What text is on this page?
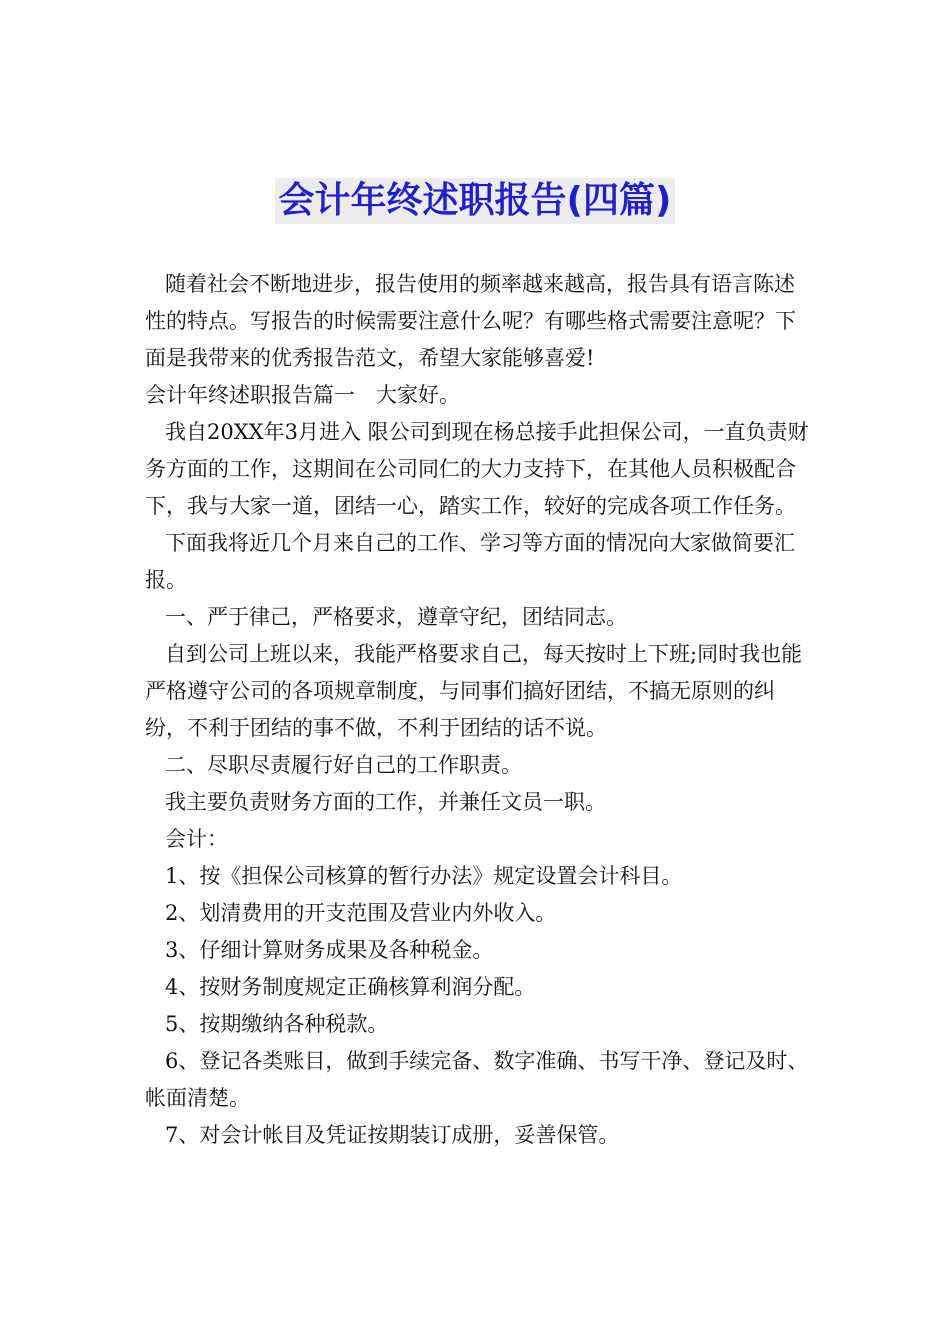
会计年终述职报告(四篇)

随着社会不断地进步，报告使用的频率越来越高，报告具有语言陈述性的特点。写报告的时候需要注意什么呢？有哪些格式需要注意呢？下面是我带来的优秀报告范文，希望大家能够喜爱!

会计年终述职报告篇一　大家好。

我自20XX年3月进入 限公司到现在杨总接手此担保公司，一直负责财务方面的工作，这期间在公司同仁的大力支持下，在其他人员积极配合下，我与大家一道，团结一心，踏实工作，较好的完成各项工作任务。

下面我将近几个月来自己的工作、学习等方面的情况向大家做简要汇报。

一、严于律己，严格要求，遵章守纪，团结同志。

自到公司上班以来，我能严格要求自己，每天按时上下班;同时我也能严格遵守公司的各项规章制度，与同事们搞好团结，不搞无原则的纠纷，不利于团结的事不做，不利于团结的话不说。

二、尽职尽责履行好自己的工作职责。

我主要负责财务方面的工作，并兼任文员一职。

会计：

1、按《担保公司核算的暂行办法》规定设置会计科目。

2、划清费用的开支范围及营业内外收入。

3、仔细计算财务成果及各种税金。

4、按财务制度规定正确核算利润分配。

5、按期缴纳各种税款。

6、登记各类账目，做到手续完备、数字准确、书写干净、登记及时、帐面清楚。

7、对会计帐目及凭证按期装订成册，妥善保管。
